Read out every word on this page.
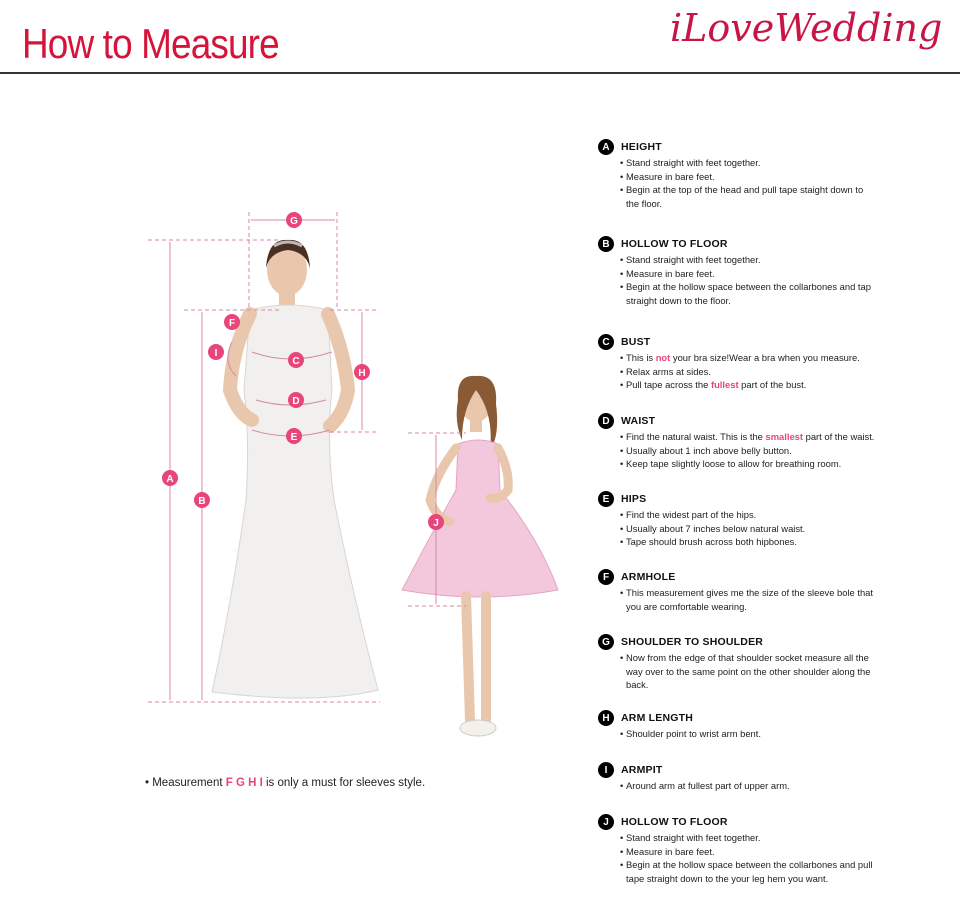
How to Measure	iLoveWedding
G
F
I
C
H
D
E
A
B
J
• Measurement F G H I is only a must for sleeves style.
A	HEIGHT
• Stand straight with feet together.
• Measure in bare feet.
• Begin at the top of the head and pull tape staight down to
the floor.
B	HOLLOW TO FLOOR
• Stand straight with feet together.
• Measure in bare feet.
• Begin at the hollow space between the collarbones and tap
straight down to the floor.
C	BUST
• This is not your bra size!Wear a bra when you measure.
• Relax arms at sides.
• Pull tape across the fullest part of the bust.
D	WAIST
• Find the natural waist. This is the smallest part of the waist.
• Usually about 1 inch above belly button.
• Keep tape slightly loose to allow for breathing room.
E	HIPS
• Find the widest part of the hips.
• Usually about 7 inches below natural waist.
• Tape should brush across both hipbones.
F	ARMHOLE
• This measurement gives me the size of the sleeve bole that
you are comfortable wearing.
G	SHOULDER TO SHOULDER
• Now from the edge of that shoulder socket measure all the
way over to the same point on the other shoulder along the
back.
H	ARM LENGTH
• Shoulder point to wrist arm bent.
I	ARMPIT
• Around arm at fullest part of upper arm.
J	HOLLOW TO FLOOR
• Stand straight with feet together.
• Measure in bare feet.
• Begin at the hollow space between the collarbones and pull
tape straight down to the your leg hem you want.
